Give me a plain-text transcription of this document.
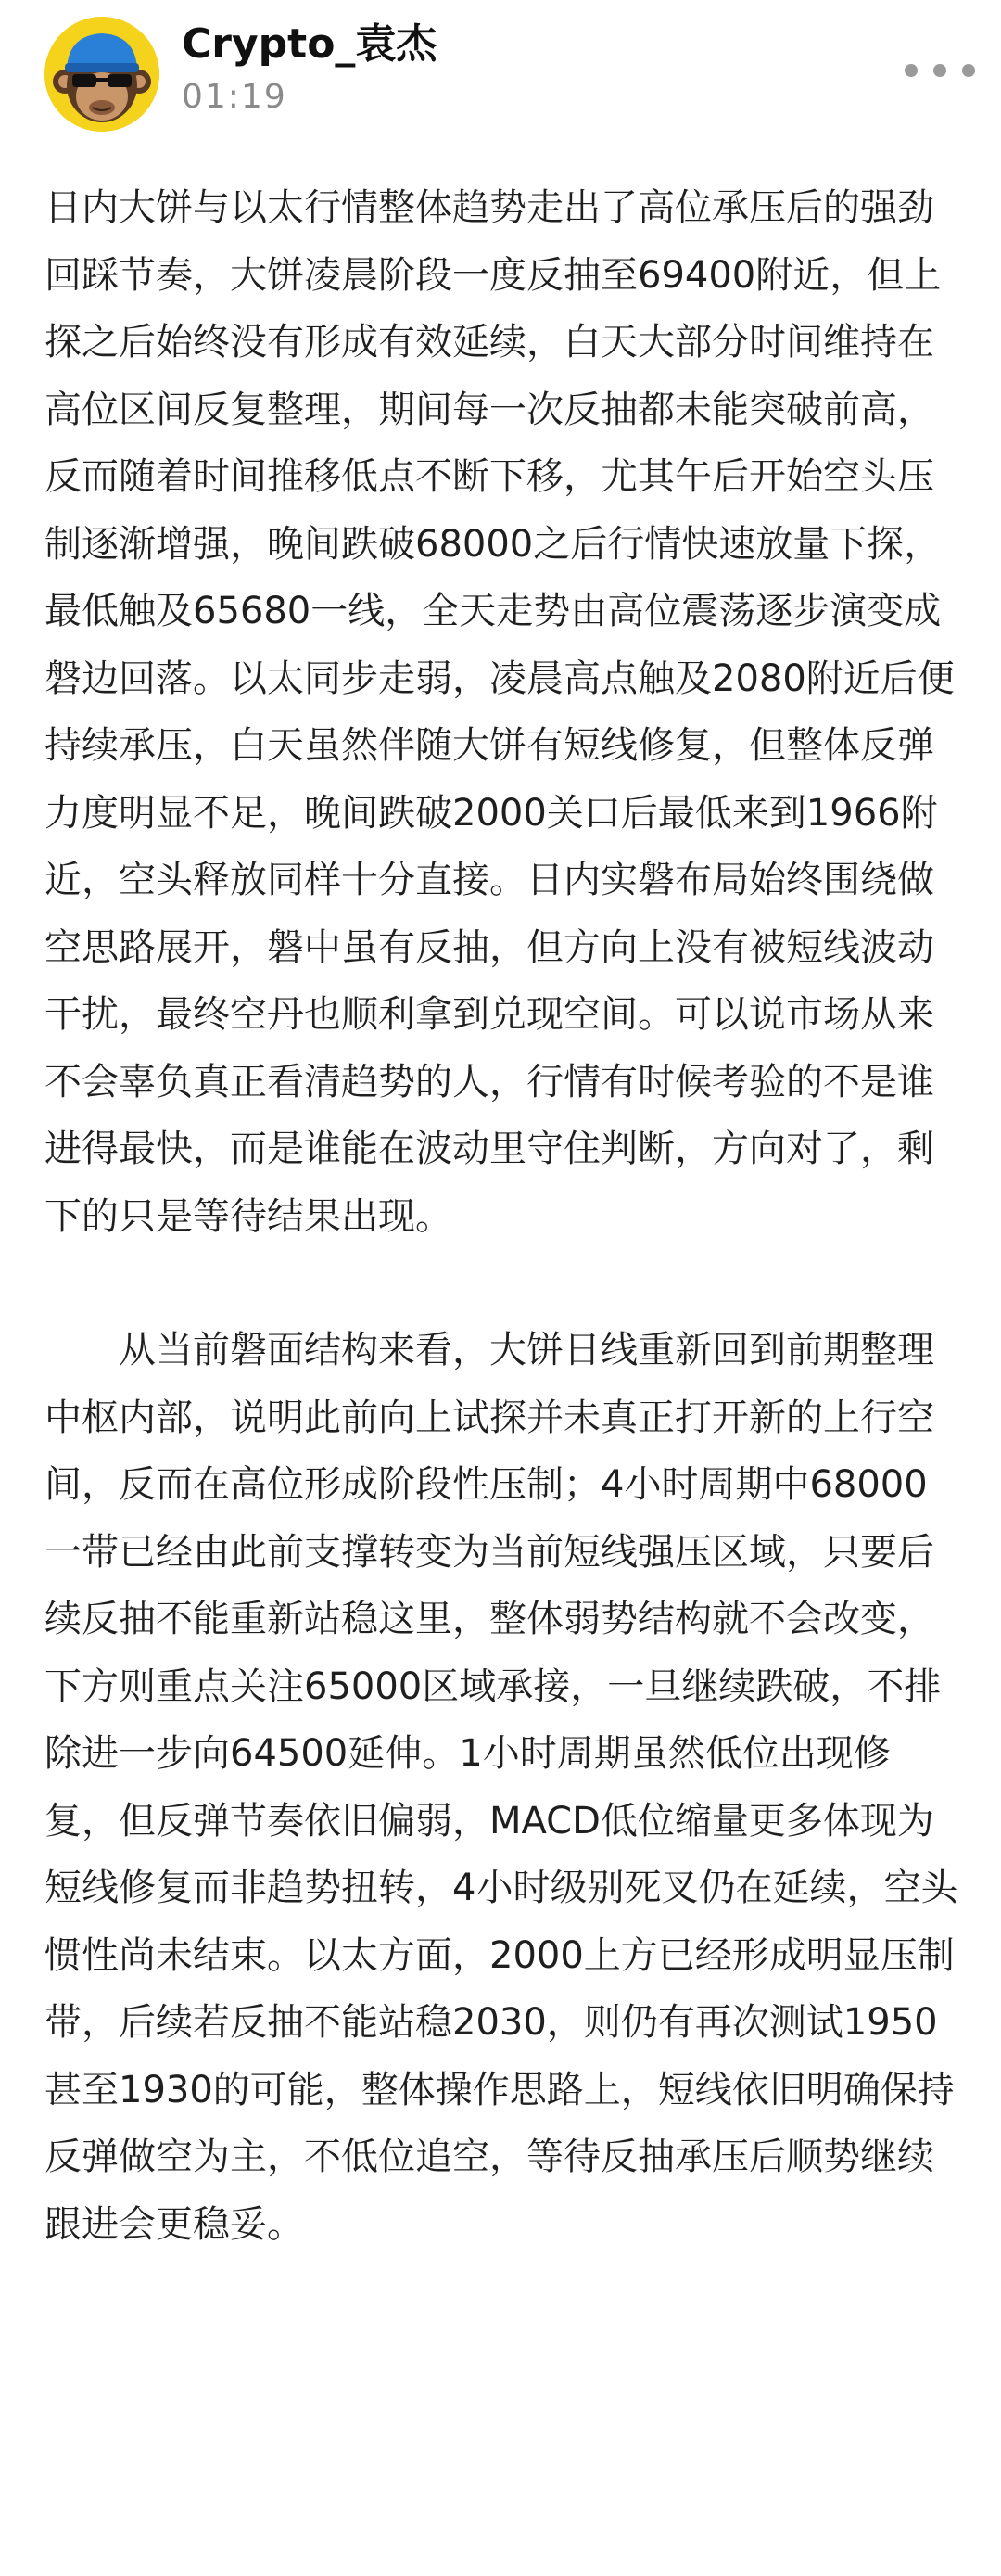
Crypto_袁杰
01:19

日内大饼与以太行情整体趋势走出了高位承压后的强劲回踩节奏，大饼凌晨阶段一度反抽至69400附近，但上探之后始终没有形成有效延续，白天大部分时间维持在高位区间反复整理，期间每一次反抽都未能突破前高，反而随着时间推移低点不断下移，尤其午后开始空头压制逐渐增强，晚间跌破68000之后行情快速放量下探，最低触及65680一线，全天走势由高位震荡逐步演变成磐边回落。以太同步走弱，凌晨高点触及2080附近后便持续承压，白天虽然伴随大饼有短线修复，但整体反弹力度明显不足，晚间跌破2000关口后最低来到1966附近，空头释放同样十分直接。日内实磐布局始终围绕做空思路展开，磐中虽有反抽，但方向上没有被短线波动干扰，最终空丹也顺利拿到兑现空间。可以说市场从来不会辜负真正看清趋势的人，行情有时候考验的不是谁进得最快，而是谁能在波动里守住判断，方向对了，剩下的只是等待结果出现。

从当前磐面结构来看，大饼日线重新回到前期整理中枢内部，说明此前向上试探并未真正打开新的上行空间，反而在高位形成阶段性压制；4小时周期中68000一带已经由此前支撑转变为当前短线强压区域，只要后续反抽不能重新站稳这里，整体弱势结构就不会改变，下方则重点关注65000区域承接，一旦继续跌破，不排除进一步向64500延伸。1小时周期虽然低位出现修复，但反弹节奏依旧偏弱，MACD低位缩量更多体现为短线修复而非趋势扭转，4小时级别死叉仍在延续，空头惯性尚未结束。以太方面，2000上方已经形成明显压制带，后续若反抽不能站稳2030，则仍有再次测试1950甚至1930的可能，整体操作思路上，短线依旧明确保持反弹做空为主，不低位追空，等待反抽承压后顺势继续跟进会更稳妥。
